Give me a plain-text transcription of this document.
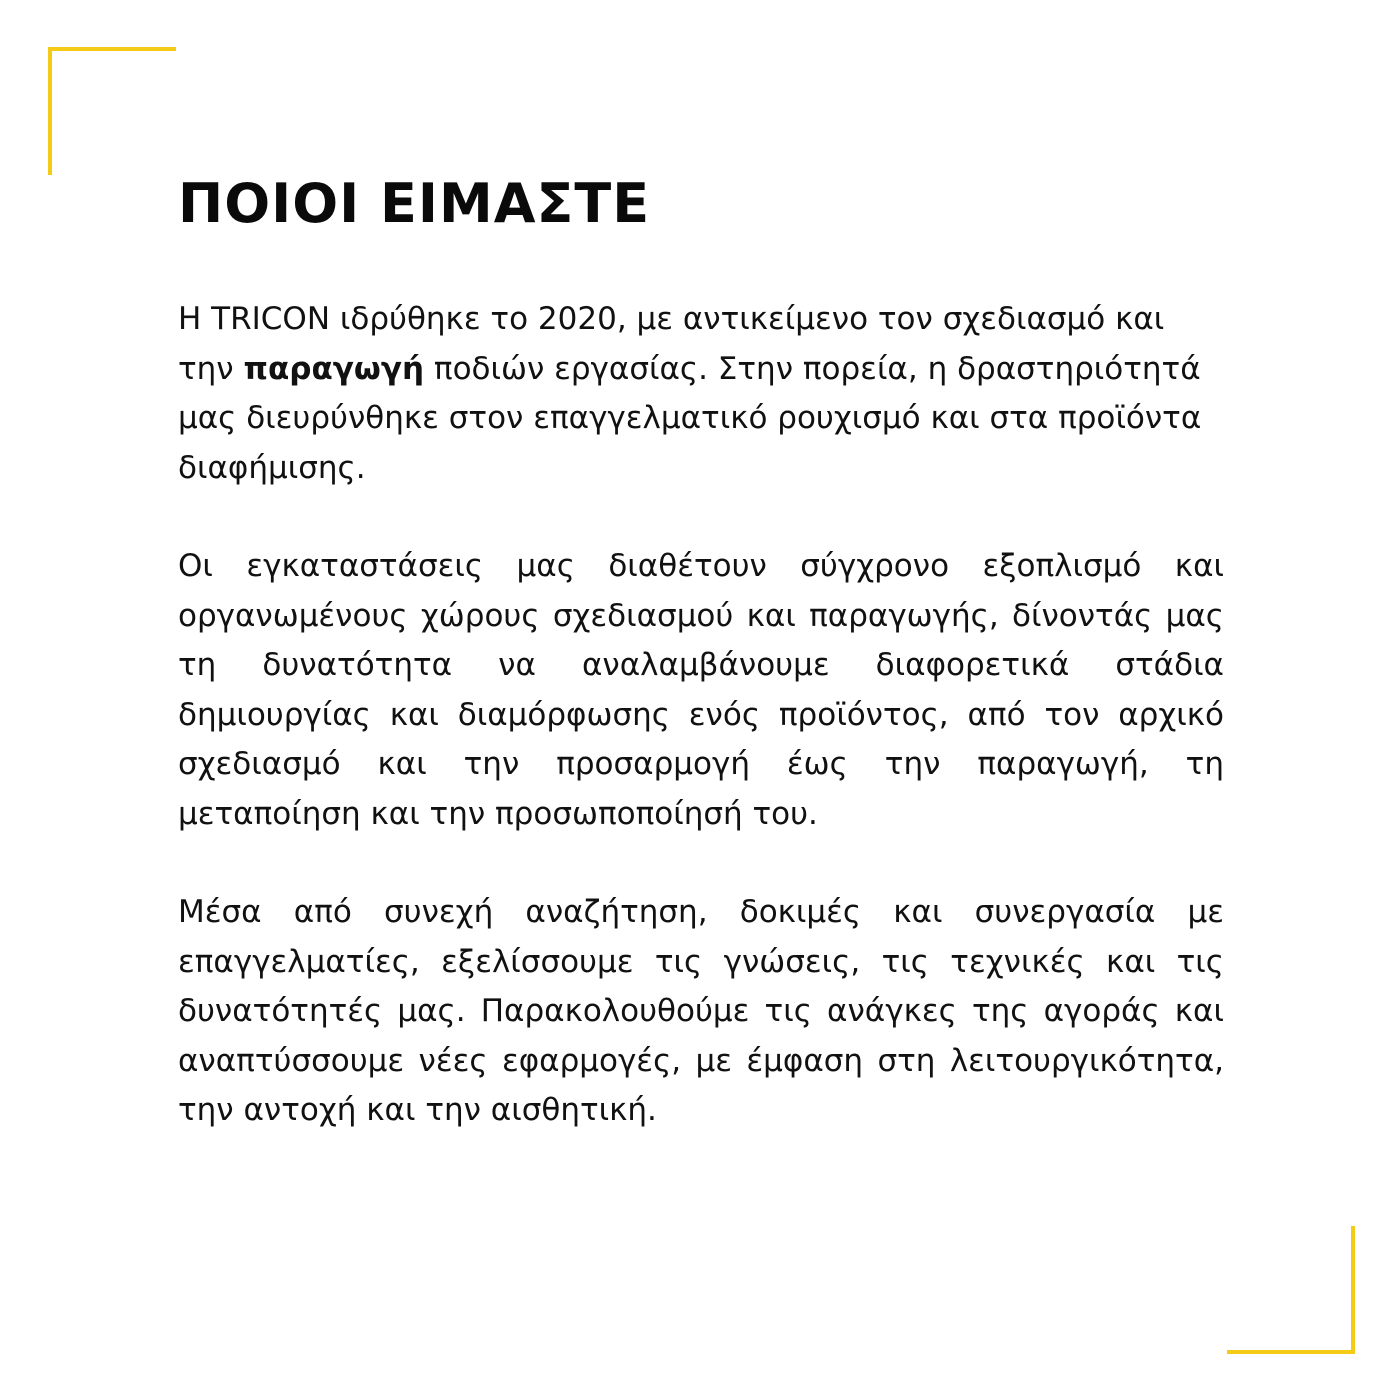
ΠΟΙΟΙ ΕΙΜΑΣΤΕ

Η TRICON ιδρύθηκε το 2020, με αντικείμενο τον σχεδιασμό και την παραγωγή ποδιών εργασίας. Στην πορεία, η δραστηριότητά μας διευρύνθηκε στον επαγγελματικό ρουχισμό και στα προϊόντα διαφήμισης.

Οι εγκαταστάσεις μας διαθέτουν σύγχρονο εξοπλισμό και οργανωμένους χώρους σχεδιασμού και παραγωγής, δίνοντάς μας τη δυνατότητα να αναλαμβάνουμε διαφορετικά στάδια δημιουργίας και διαμόρφωσης ενός προϊόντος, από τον αρχικό σχεδιασμό και την προσαρμογή έως την παραγωγή, τη μεταποίηση και την προσωποποίησή του.

Μέσα από συνεχή αναζήτηση, δοκιμές και συνεργασία με επαγγελματίες, εξελίσσουμε τις γνώσεις, τις τεχνικές και τις δυνατότητές μας. Παρακολουθούμε τις ανάγκες της αγοράς και αναπτύσσουμε νέες εφαρμογές, με έμφαση στη λειτουργικότητα, την αντοχή και την αισθητική.
